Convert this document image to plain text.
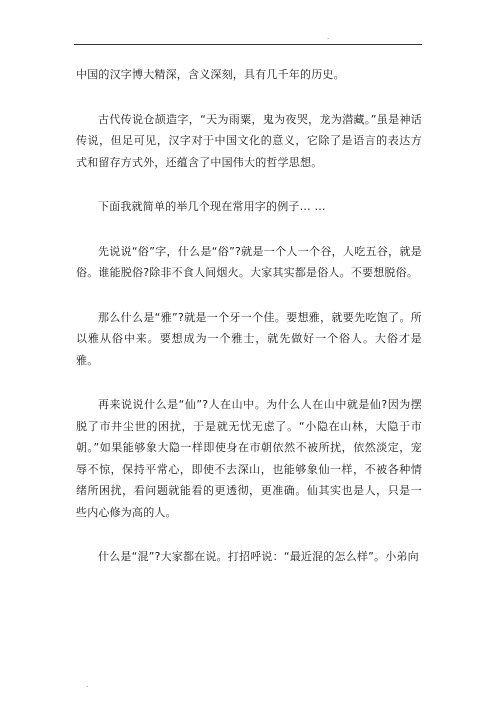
.

中国的汉字博大精深，含义深刻，具有几千年的历史。

古代传说仓颉造字，“天为雨粟，鬼为夜哭，龙为潜藏。”虽是神话传说，但足可见，汉字对于中国文化的意义，它除了是语言的表达方式和留存方式外，还蕴含了中国伟大的哲学思想。

下面我就简单的举几个现在常用字的例子… …

先说说“俗”字，什么是“俗”?就是一个人一个谷，人吃五谷，就是俗。谁能脱俗?除非不食人间烟火。大家其实都是俗人。不要想脱俗。

那么什么是“雅”?就是一个牙一个佳。要想雅，就要先吃饱了。所以雅从俗中来。要想成为一个雅士，就先做好一个俗人。大俗才是雅。

再来说说什么是“仙”?人在山中。为什么人在山中就是仙?因为摆脱了市井尘世的困扰，于是就无忧无虑了。“小隐在山林，大隐于市朝。”如果能够象大隐一样即使身在市朝依然不被所扰，依然淡定，宠辱不惊，保持平常心，即使不去深山，也能够象仙一样，不被各种情绪所困扰，看问题就能看的更透彻，更准确。仙其实也是人，只是一些内心修为高的人。

什么是“混”?大家都在说。打招呼说：“最近混的怎么样”。小弟向

.
